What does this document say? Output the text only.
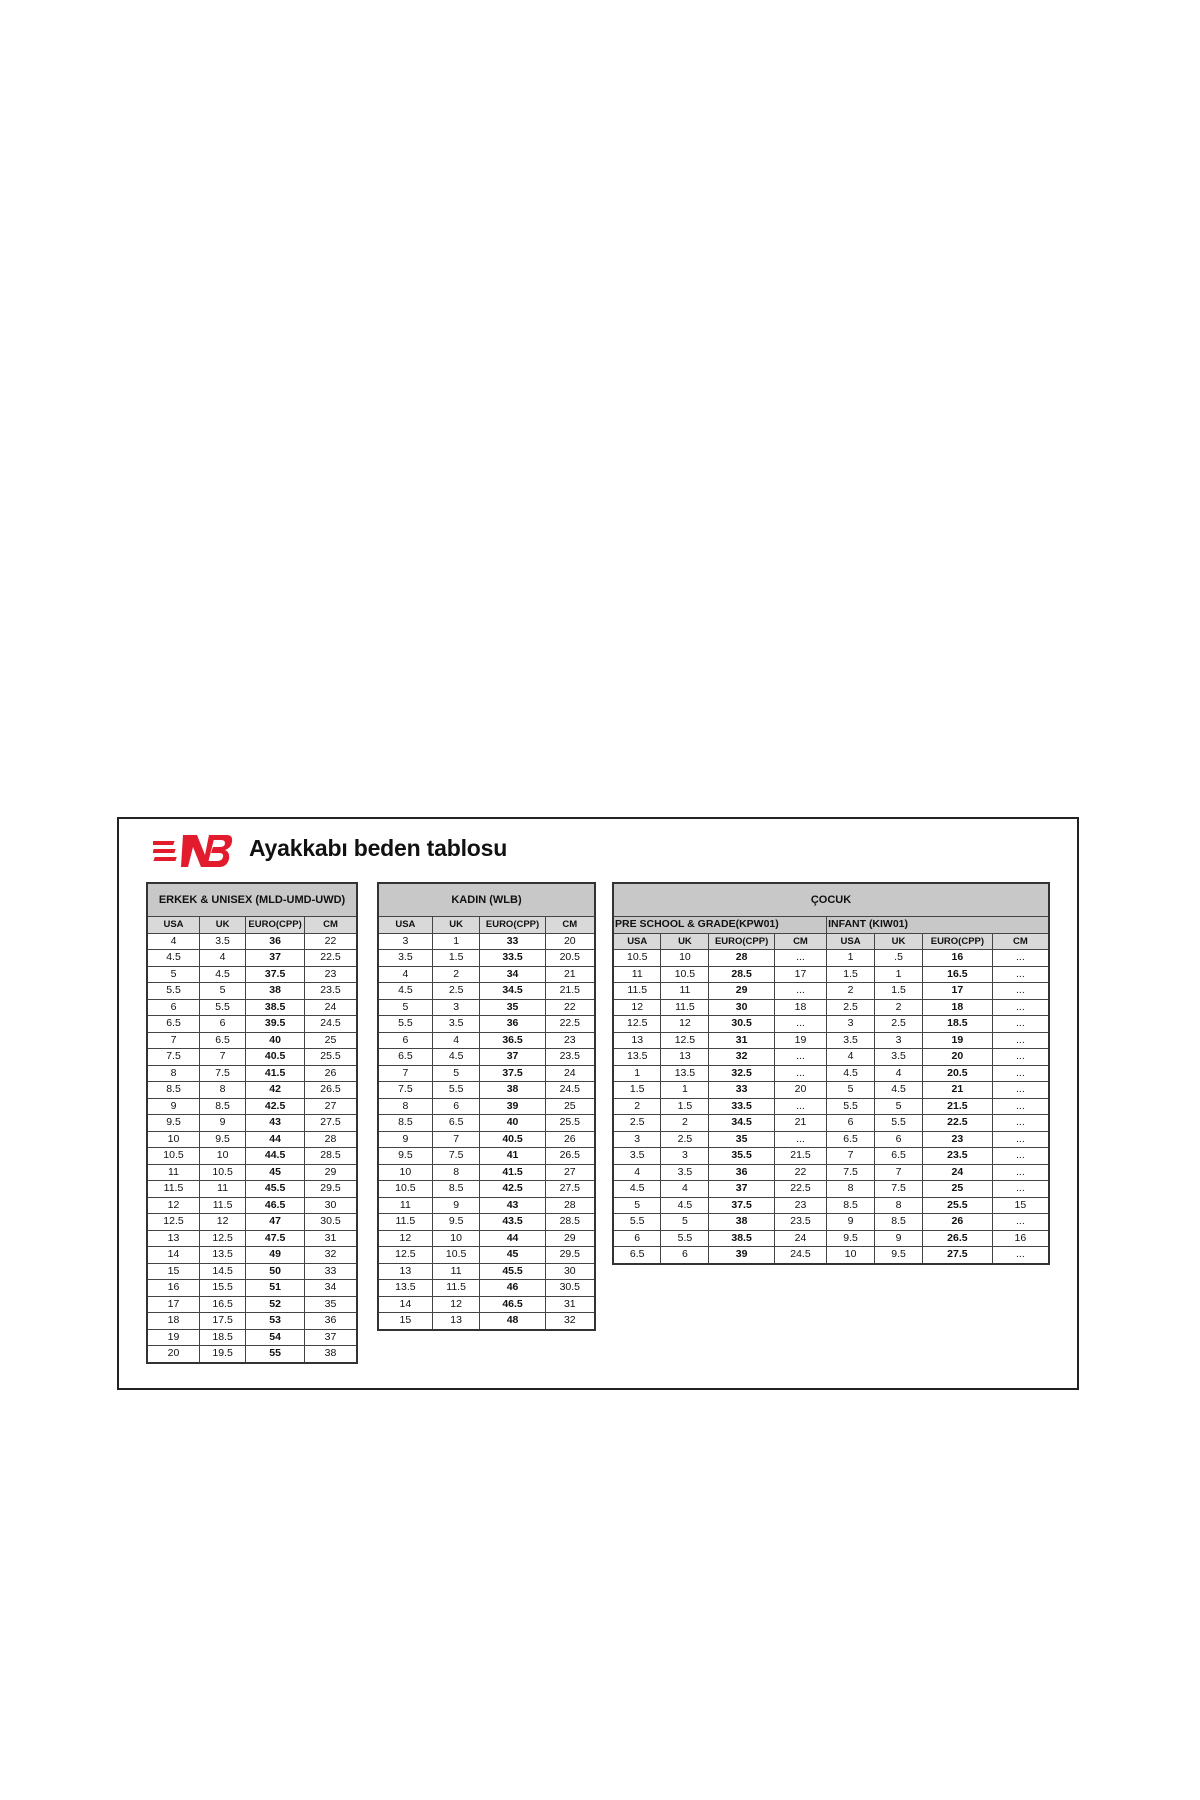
Ayakkabı beden tablosu
ERKEK & UNISEX (MLD-UMD-UWD)			
USA	UK	EURO(CPP)	CM
4	3.5	36	22
4.5	4	37	22.5
5	4.5	37.5	23
5.5	5	38	23.5
6	5.5	38.5	24
6.5	6	39.5	24.5
7	6.5	40	25
7.5	7	40.5	25.5
8	7.5	41.5	26
8.5	8	42	26.5
9	8.5	42.5	27
9.5	9	43	27.5
10	9.5	44	28
10.5	10	44.5	28.5
11	10.5	45	29
11.5	11	45.5	29.5
12	11.5	46.5	30
12.5	12	47	30.5
13	12.5	47.5	31
14	13.5	49	32
15	14.5	50	33
16	15.5	51	34
17	16.5	52	35
18	17.5	53	36
19	18.5	54	37
20	19.5	55	38
KADIN (WLB)			
USA	UK	EURO(CPP)	CM
3	1	33	20
3.5	1.5	33.5	20.5
4	2	34	21
4.5	2.5	34.5	21.5
5	3	35	22
5.5	3.5	36	22.5
6	4	36.5	23
6.5	4.5	37	23.5
7	5	37.5	24
7.5	5.5	38	24.5
8	6	39	25
8.5	6.5	40	25.5
9	7	40.5	26
9.5	7.5	41	26.5
10	8	41.5	27
10.5	8.5	42.5	27.5
11	9	43	28
11.5	9.5	43.5	28.5
12	10	44	29
12.5	10.5	45	29.5
13	11	45.5	30
13.5	11.5	46	30.5
14	12	46.5	31
15	13	48	32
ÇOCUK							
PRE SCHOOL & GRADE(KPW01)				INFANT (KIW01)			
USA	UK	EURO(CPP)	CM	USA	UK	EURO(CPP)	CM
10.5	10	28	...	1	.5	16	...
11	10.5	28.5	17	1.5	1	16.5	...
11.5	11	29	...	2	1.5	17	...
12	11.5	30	18	2.5	2	18	...
12.5	12	30.5	...	3	2.5	18.5	...
13	12.5	31	19	3.5	3	19	...
13.5	13	32	...	4	3.5	20	...
1	13.5	32.5	...	4.5	4	20.5	...
1.5	1	33	20	5	4.5	21	...
2	1.5	33.5	...	5.5	5	21.5	...
2.5	2	34.5	21	6	5.5	22.5	...
3	2.5	35	...	6.5	6	23	...
3.5	3	35.5	21.5	7	6.5	23.5	...
4	3.5	36	22	7.5	7	24	...
4.5	4	37	22.5	8	7.5	25	...
5	4.5	37.5	23	8.5	8	25.5	15
5.5	5	38	23.5	9	8.5	26	...
6	5.5	38.5	24	9.5	9	26.5	16
6.5	6	39	24.5	10	9.5	27.5	...
